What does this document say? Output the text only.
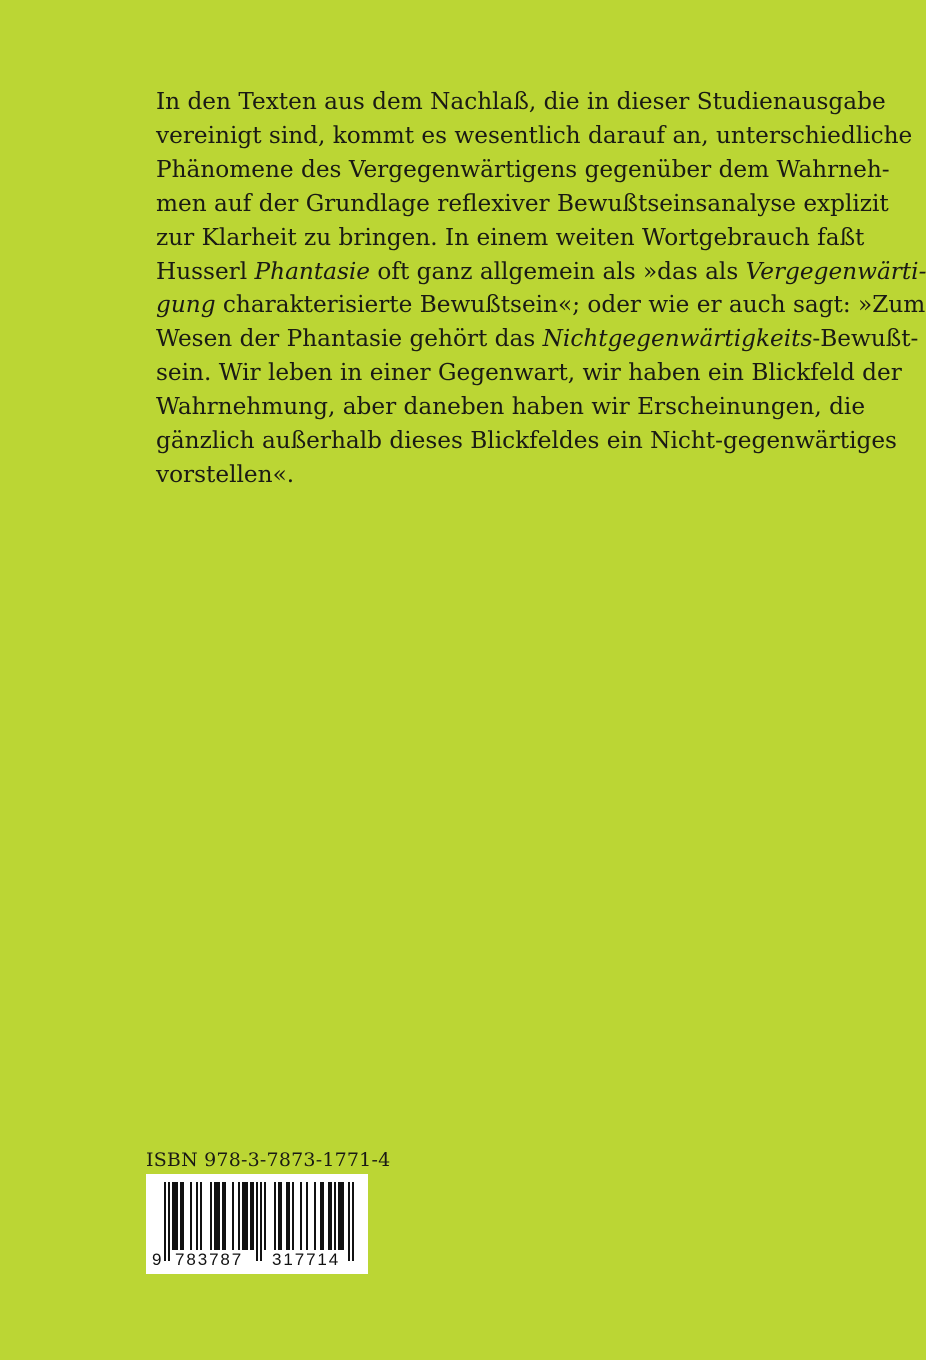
In den Texten aus dem Nachlaß, die in dieser Studienausgabe
vereinigt sind, kommt es wesentlich darauf an, unterschiedliche
Phänomene des Vergegenwärtigens gegenüber dem Wahrneh-
men auf der Grundlage reflexiver Bewußtseinsanalyse explizit
zur Klarheit zu bringen. In einem weiten Wortgebrauch faßt
Husserl Phantasie oft ganz allgemein als »das als Vergegenwärti-
gung charakterisierte Bewußtsein«; oder wie er auch sagt: »Zum
Wesen der Phantasie gehört das Nichtgegenwärtigkeits-Bewußt-
sein. Wir leben in einer Gegenwart, wir haben ein Blickfeld der
Wahrnehmung, aber daneben haben wir Erscheinungen, die
gänzlich außerhalb dieses Blickfeldes ein Nicht-gegenwärtiges
vorstellen«.
ISBN 978-3-7873-1771-4
9 783787 317714
